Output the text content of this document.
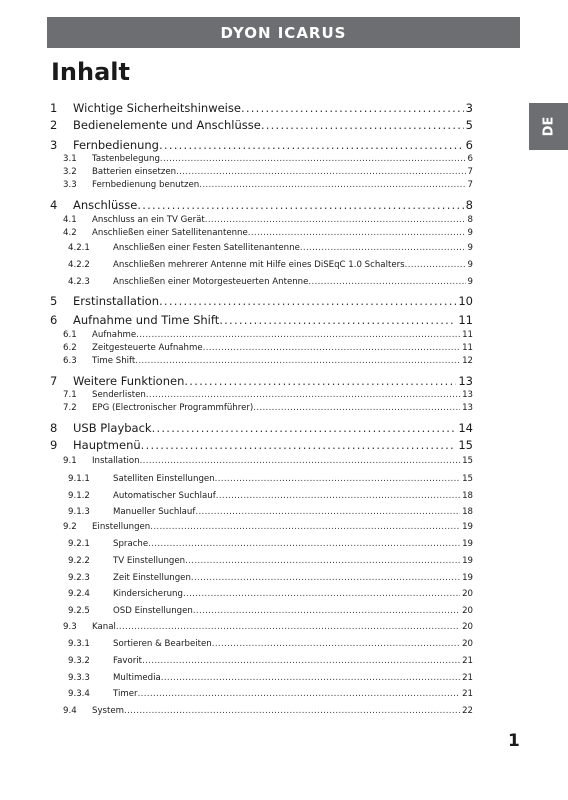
DYON ICARUS
Inhalt
DE
1 Wichtige Sicherheitshinweise . . .	3
2 Bedienelemente und Anschlüsse . . .	5
3 Fernbedienung . . .	6
3.1 Tastenbelegung . . .	6
3.2 Batterien einsetzen . . .	7
3.3 Fernbedienung benutzen . . .	7
4 Anschlüsse . . .	8
4.1 Anschluss an ein TV Gerät . . .	8
4.2 Anschließen einer Satellitenantenne . . .	9
4.2.1	Anschließen einer Festen Satellitenantenne . . .	9
4.2.2	Anschließen mehrerer Antenne mit Hilfe eines DiSEqC 1.0 Schalters . . .	9
4.2.3	Anschließen einer Motorgesteuerten Antenne . . .	9
5 Erstinstallation . . .	10
6 Aufnahme und Time Shift . . .	11
6.1 Aufnahme . . .	11
6.2 Zeitgesteuerte Aufnahme . . .	11
6.3 Time Shift . . .	12
7 Weitere Funktionen . . .	13
7.1 Senderlisten . . .	13
7.2 EPG (Electronischer Programmführer) . . .	13
8 USB Playback . . .	14
9 Hauptmenü . . .	15
9.1 Installation . . .	15
9.1.1	Satelliten Einstellungen . . .	15
9.1.2	Automatischer Suchlauf . . .	18
9.1.3	Manueller Suchlauf . . .	18
9.2 Einstellungen . . .	19
9.2.1	Sprache . . .	19
9.2.2	TV Einstellungen . . .	19
9.2.3	Zeit Einstellungen . . .	19
9.2.4	Kindersicherung . . .	20
9.2.5	OSD Einstellungen . . .	20
9.3 Kanal . . .	20
9.3.1	Sortieren & Bearbeiten . . .	20
9.3.2	Favorit . . .	21
9.3.3	Multimedia . . .	21
9.3.4	Timer . . .	21
9.4 System . . .	22
1
